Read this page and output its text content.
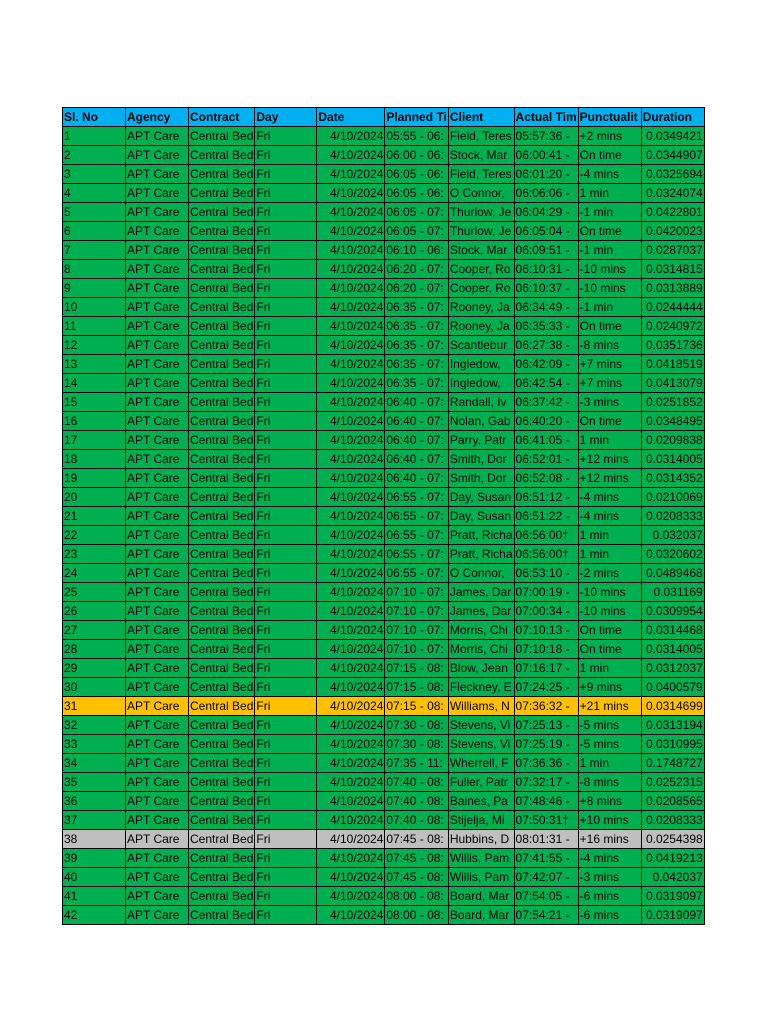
Sl. No	Agency	Contract	Day	Date	Planned Ti	Client	Actual Tim	Punctualit	Duration
1	APT Care	Central Bed	Fri	4/10/2024	05:55 - 06:	Field, Teres	05:57:36 -	+2 mins	0.0349421
2	APT Care	Central Bed	Fri	4/10/2024	06:00 - 06:	Stock, Mar	06:00:41 -	On time	0.0344907
3	APT Care	Central Bed	Fri	4/10/2024	06:05 - 06:	Field, Teres	06:01:20 -	-4 mins	0.0325694
4	APT Care	Central Bed	Fri	4/10/2024	06:05 - 06:	O Connor,	06:06:06 -	1 min	0.0324074
5	APT Care	Central Bed	Fri	4/10/2024	06:05 - 07:	Thurlow, Je	06:04:29 -	-1 min	0.0422801
6	APT Care	Central Bed	Fri	4/10/2024	06:05 - 07:	Thurlow, Je	06:05:04 -	On time	0.0420023
7	APT Care	Central Bed	Fri	4/10/2024	06:10 - 06:	Stock, Mar	06:09:51 -	-1 min	0.0287037
8	APT Care	Central Bed	Fri	4/10/2024	06:20 - 07:	Cooper, Ro	06:10:31 -	-10 mins	0.0314815
9	APT Care	Central Bed	Fri	4/10/2024	06:20 - 07:	Cooper, Ro	06:10:37 -	-10 mins	0.0313889
10	APT Care	Central Bed	Fri	4/10/2024	06:35 - 07:	Rooney, Ja	06:34:49 -	-1 min	0.0244444
11	APT Care	Central Bed	Fri	4/10/2024	06:35 - 07:	Rooney, Ja	06:35:33 -	On time	0.0240972
12	APT Care	Central Bed	Fri	4/10/2024	06:35 - 07:	Scantlebur	06:27:38 -	-8 mins	0.0351736
13	APT Care	Central Bed	Fri	4/10/2024	06:35 - 07:	Ingledow,	06:42:09 -	+7 mins	0.0418519
14	APT Care	Central Bed	Fri	4/10/2024	06:35 - 07:	Ingledow,	06:42:54 -	+7 mins	0.0413079
15	APT Care	Central Bed	Fri	4/10/2024	06:40 - 07:	Randall, Iv	06:37:42 -	-3 mins	0.0251852
16	APT Care	Central Bed	Fri	4/10/2024	06:40 - 07:	Nolan, Gab	06:40:20 -	On time	0.0348495
17	APT Care	Central Bed	Fri	4/10/2024	06:40 - 07:	Parry, Patr	06:41:05 -	1 min	0.0209838
18	APT Care	Central Bed	Fri	4/10/2024	06:40 - 07:	Smith, Dor	06:52:01 -	+12 mins	0.0314005
19	APT Care	Central Bed	Fri	4/10/2024	06:40 - 07:	Smith, Dor	06:52:08 -	+12 mins	0.0314352
20	APT Care	Central Bed	Fri	4/10/2024	06:55 - 07:	Day, Susan	06:51:12 -	-4 mins	0.0210069
21	APT Care	Central Bed	Fri	4/10/2024	06:55 - 07:	Day, Susan	06:51:22 -	-4 mins	0.0208333
22	APT Care	Central Bed	Fri	4/10/2024	06:55 - 07:	Pratt, Richa	06:56:00†	1 min	0.032037
23	APT Care	Central Bed	Fri	4/10/2024	06:55 - 07:	Pratt, Richa	06:56:00†	1 min	0.0320602
24	APT Care	Central Bed	Fri	4/10/2024	06:55 - 07:	O Connor,	06:53:10 -	-2 mins	0.0489468
25	APT Care	Central Bed	Fri	4/10/2024	07:10 - 07:	James, Dar	07:00:19 -	-10 mins	0.031169
26	APT Care	Central Bed	Fri	4/10/2024	07:10 - 07:	James, Dar	07:00:34 -	-10 mins	0.0309954
27	APT Care	Central Bed	Fri	4/10/2024	07:10 - 07:	Morris, Chi	07:10:13 -	On time	0.0314468
28	APT Care	Central Bed	Fri	4/10/2024	07:10 - 07:	Morris, Chi	07:10:18 -	On time	0.0314005
29	APT Care	Central Bed	Fri	4/10/2024	07:15 - 08:	Blow, Jean	07:16:17 -	1 min	0.0312037
30	APT Care	Central Bed	Fri	4/10/2024	07:15 - 08:	Fleckney, E	07:24:25 -	+9 mins	0.0400579
31	APT Care	Central Bed	Fri	4/10/2024	07:15 - 08:	Williams, N	07:36:32 -	+21 mins	0.0314699
32	APT Care	Central Bed	Fri	4/10/2024	07:30 - 08:	Stevens, Vi	07:25:13 -	-5 mins	0.0313194
33	APT Care	Central Bed	Fri	4/10/2024	07:30 - 08:	Stevens, Vi	07:25:19 -	-5 mins	0.0310995
34	APT Care	Central Bed	Fri	4/10/2024	07:35 - 11:	Wherrell, F	07:36:36 -	1 min	0.1748727
35	APT Care	Central Bed	Fri	4/10/2024	07:40 - 08:	Fuller, Patr	07:32:17 -	-8 mins	0.0252315
36	APT Care	Central Bed	Fri	4/10/2024	07:40 - 08:	Baines, Pa	07:48:46 -	+8 mins	0.0208565
37	APT Care	Central Bed	Fri	4/10/2024	07:40 - 08:	Stijelja, Mi	07:50:31†	+10 mins	0.0208333
38	APT Care	Central Bed	Fri	4/10/2024	07:45 - 08:	Hubbins, D	08:01:31 -	+16 mins	0.0254398
39	APT Care	Central Bed	Fri	4/10/2024	07:45 - 08:	Willis, Pam	07:41:55 -	-4 mins	0.0419213
40	APT Care	Central Bed	Fri	4/10/2024	07:45 - 08:	Willis, Pam	07:42:07 -	-3 mins	0.042037
41	APT Care	Central Bed	Fri	4/10/2024	08:00 - 08:	Board, Mar	07:54:05 -	-6 mins	0.0319097
42	APT Care	Central Bed	Fri	4/10/2024	08:00 - 08:	Board, Mar	07:54:21 -	-6 mins	0.0319097
